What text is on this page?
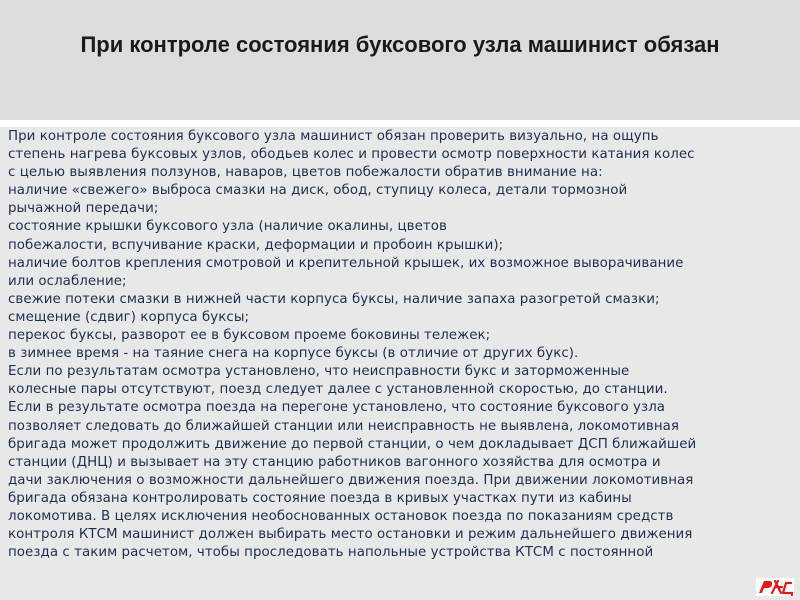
При контроле состояния буксового узла машинист обязан
При контроле состояния буксового узла машинист обязан проверить визуально, на ощупь
степень нагрева буксовых узлов, ободьев колес и провести осмотр поверхности катания колес
с целью выявления ползунов, наваров, цветов побежалости обратив внимание на:
наличие «свежего» выброса смазки на диск, обод, ступицу колеса, детали тормозной
рычажной передачи;
состояние крышки буксового узла (наличие окалины, цветов
побежалости, вспучивание краски, деформации и пробоин крышки);
наличие болтов крепления смотровой и крепительной крышек, их возможное выворачивание
или ослабление;
свежие потеки смазки в нижней части корпуса буксы, наличие запаха разогретой смазки;
смещение (сдвиг) корпуса буксы;
перекос буксы, разворот ее в буксовом проеме боковины тележек;
в зимнее время - на таяние снега на корпусе буксы (в отличие от других букс).
Если по результатам осмотра установлено, что неисправности букс и заторможенные
колесные пары отсутствуют, поезд следует далее с установленной скоростью, до станции.
Если в результате осмотра поезда на перегоне установлено, что состояние буксового узла
позволяет следовать до ближайшей станции или неисправность не выявлена, локомотивная
бригада может продолжить движение до первой станции, о чем докладывает ДСП ближайшей
станции (ДНЦ) и вызывает на эту станцию работников вагонного хозяйства для осмотра и
дачи заключения о возможности дальнейшего движения поезда. При движении локомотивная
бригада обязана контролировать состояние поезда в кривых участках пути из кабины
локомотива. В целях исключения необоснованных остановок поезда по показаниям средств
контроля КТСМ машинист должен выбирать место остановки и режим дальнейшего движения
поезда с таким расчетом, чтобы проследовать напольные устройства КТСМ с постоянной
